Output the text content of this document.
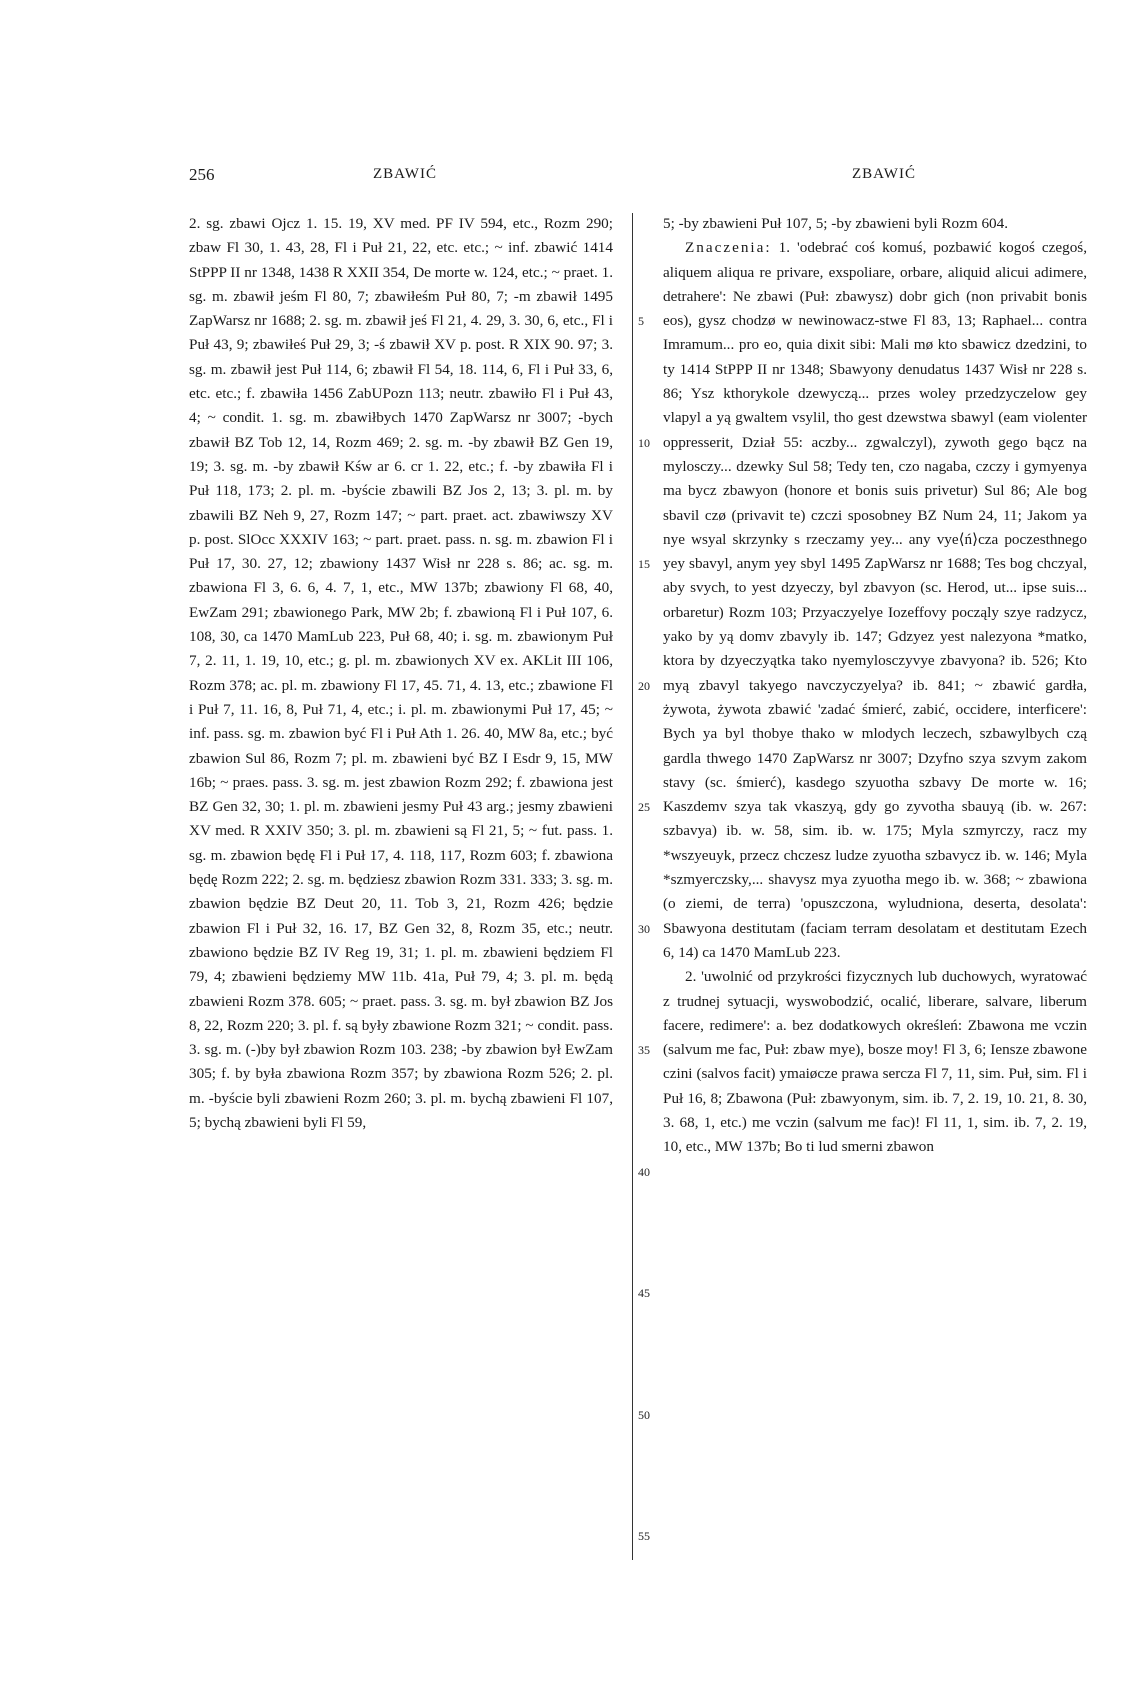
256	ZBAWIĆ	ZBAWIĆ

2. sg. zbawi Ojcz 1. 15. 19, XV med. PF IV 594, etc., Rozm 290; zbaw Fl 30, 1. 43, 28, Fl i Puł 21, 22, etc. etc.; ~ inf. zbawić 1414 StPPP II nr 1348, 1438 R XXII 354, De morte w. 124, etc.; ~ praet. 1. sg. m. zbawił jeśm Fl 80, 7; zbawiłeśm Puł 80, 7; -m zbawił 1495 ZapWarsz nr 1688; 2. sg. m. zbawił jeś Fl 21, 4. 29, 3. 30, 6, etc., Fl i Puł 43, 9; zbawiłeś Puł 29, 3; -ś zbawił XV p. post. R XIX 90. 97; 3. sg. m. zbawił jest Puł 114, 6; zbawił Fl 54, 18. 114, 6, Fl i Puł 33, 6, etc. etc.; f. zbawiła 1456 ZabUPozn 113; neutr. zbawiło Fl i Puł 43, 4; ~ condit. 1. sg. m. zbawiłbych 1470 ZapWarsz nr 3007; -bych zbawił BZ Tob 12, 14, Rozm 469; 2. sg. m. -by zbawił BZ Gen 19, 19; 3. sg. m. -by zbawił Kśw ar 6. cr 1. 22, etc.; f. -by zbawiła Fl i Puł 118, 173; 2. pl. m. -byście zbawili BZ Jos 2, 13; 3. pl. m. by zbawili BZ Neh 9, 27, Rozm 147; ~ part. praet. act. zbawiwszy XV p. post. SlOcc XXXIV 163; ~ part. praet. pass. n. sg. m. zbawion Fl i Puł 17, 30. 27, 12; zbawiony 1437 Wisł nr 228 s. 86; ac. sg. m. zbawiona Fl 3, 6. 6, 4. 7, 1, etc., MW 137b; zbawiony Fl 68, 40, EwZam 291; zbawionego Park, MW 2b; f. zbawioną Fl i Puł 107, 6. 108, 30, ca 1470 MamLub 223, Puł 68, 40; i. sg. m. zbawionym Puł 7, 2. 11, 1. 19, 10, etc.; g. pl. m. zbawionych XV ex. AKLit III 106, Rozm 378; ac. pl. m. zbawiony Fl 17, 45. 71, 4. 13, etc.; zbawione Fl i Puł 7, 11. 16, 8, Puł 71, 4, etc.; i. pl. m. zbawionymi Puł 17, 45; ~ inf. pass. sg. m. zbawion być Fl i Puł Ath 1. 26. 40, MW 8a, etc.; być zbawion Sul 86, Rozm 7; pl. m. zbawieni być BZ I Esdr 9, 15, MW 16b; ~ praes. pass. 3. sg. m. jest zbawion Rozm 292; f. zbawiona jest BZ Gen 32, 30; 1. pl. m. zbawieni jesmy Puł 43 arg.; jesmy zbawieni XV med. R XXIV 350; 3. pl. m. zbawieni są Fl 21, 5; ~ fut. pass. 1. sg. m. zbawion będę Fl i Puł 17, 4. 118, 117, Rozm 603; f. zbawiona będę Rozm 222; 2. sg. m. będziesz zbawion Rozm 331. 333; 3. sg. m. zbawion będzie BZ Deut 20, 11. Tob 3, 21, Rozm 426; będzie zbawion Fl i Puł 32, 16. 17, BZ Gen 32, 8, Rozm 35, etc.; neutr. zbawiono będzie BZ IV Reg 19, 31; 1. pl. m. zbawieni będziem Fl 79, 4; zbawieni będziemy MW 11b. 41a, Puł 79, 4; 3. pl. m. będą zbawieni Rozm 378. 605; ~ praet. pass. 3. sg. m. był zbawion BZ Jos 8, 22, Rozm 220; 3. pl. f. są były zbawione Rozm 321; ~ condit. pass. 3. sg. m. (-)by był zbawion Rozm 103. 238; -by zbawion był EwZam 305; f. by była zbawiona Rozm 357; by zbawiona Rozm 526; 2. pl. m. -byście byli zbawieni Rozm 260; 3. pl. m. bychą zbawieni Fl 107, 5; bychą zbawieni byli Fl 59,

5
10
15
20
25
30
35
40
45
50
55

5; -by zbawieni Puł 107, 5; -by zbawieni byli Rozm 604.

Znaczenia: 1. 'odebrać coś komuś, pozbawić kogoś czegoś, aliquem aliqua re privare, exspoliare, orbare, aliquid alicui adimere, detrahere': Ne zbawi (Puł: zbawysz) dobr gich (non privabit bonis eos), gysz chodzø w newinowacz-stwe Fl 83, 13; Raphael... contra Imramum... pro eo, quia dixit sibi: Mali mø kto sbawicz dzedzini, to ty 1414 StPPP II nr 1348; Sbawyony denudatus 1437 Wisł nr 228 s. 86; Ysz kthorykole dzewyczą... przes woley przedzyczelow gey vlapyl a yą gwaltem vsylil, tho gest dzewstwa sbawyl (eam violenter oppresserit, Dział 55: aczby... zgwalczyl), zywoth gego bącz na mylosczy... dzewky Sul 58; Tedy ten, czo nagaba, czczy i gymyenya ma bycz zbawyon (honore et bonis suis privetur) Sul 86; Ale bog sbavil czø (privavit te) czczi sposobney BZ Num 24, 11; Jakom ya nye wsyal skrzynky s rzeczamy yey... any vye⟨ń⟩cza poczesthnego yey sbavyl, anym yey sbyl 1495 ZapWarsz nr 1688; Tes bog chczyal, aby svych, to yest dzyeczy, byl zbavyon (sc. Herod, ut... ipse suis... orbaretur) Rozm 103; Przyaczyelye Iozeffovy począly szye radzycz, yako by yą domv zbavyly ib. 147; Gdzyez yest nalezyona *matko, ktora by dzyeczyątka tako nyemylosczyvye zbavyona? ib. 526; Kto myą zbavyl takyego navczyczyelya? ib. 841; ~ zbawić gardła, żywota, żywota zbawić 'zadać śmierć, zabić, occidere, interficere': Bych ya byl thobye thako w mlodych leczech, szbawylbych czą gardla thwego 1470 ZapWarsz nr 3007; Dzyfno szya szvym zakom stavy (sc. śmierć), kasdego szyuotha szbavy De morte w. 16; Kaszdemv szya tak vkaszyą, gdy go zyvotha sbauyą (ib. w. 267: szbavya) ib. w. 58, sim. ib. w. 175; Myla szmyrczy, racz my *wszyeuyk, przecz chczesz ludze zyuotha szbavycz ib. w. 146; Myla *szmyerczsky,... shavysz mya zyuotha mego ib. w. 368; ~ zbawiona (o ziemi, de terra) 'opuszczona, wyludniona, deserta, desolata': Sbawyona destitutam (faciam terram desolatam et destitutam Ezech 6, 14) ca 1470 MamLub 223.

2. 'uwolnić od przykrości fizycznych lub duchowych, wyratować z trudnej sytuacji, wyswobodzić, ocalić, liberare, salvare, liberum facere, redimere': a. bez dodatkowych określeń: Zbawona me vczin (salvum me fac, Puł: zbaw mye), bosze moy! Fl 3, 6; Iensze zbawone czini (salvos facit) ymaiøcze prawa sercza Fl 7, 11, sim. Puł, sim. Fl i Puł 16, 8; Zbawona (Puł: zbawyonym, sim. ib. 7, 2. 19, 10. 21, 8. 30, 3. 68, 1, etc.) me vczin (salvum me fac)! Fl 11, 1, sim. ib. 7, 2. 19, 10, etc., MW 137b; Bo ti lud smerni zbawon
